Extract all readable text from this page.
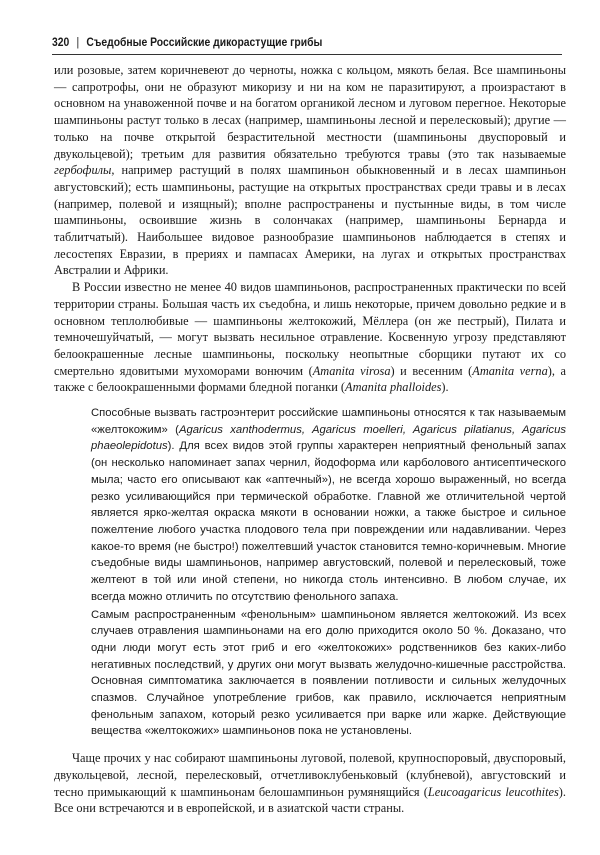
320 | Съедобные Российские дикорастущие грибы

или розовые, затем коричневеют до черноты, ножка с кольцом, мякоть белая. Все шампиньоны — сапротрофы, они не образуют микоризу и ни на ком не паразитируют, а произрастают в основном на унавоженной почве и на богатом органикой лесном и луговом перегное. Некоторые шампиньоны растут только в лесах (например, шампиньоны лесной и перелесковый); другие — только на почве открытой безрастительной местности (шампиньоны двуспоровый и двукольцевой); третьим для развития обязательно требуются травы (это так называемые гербофилы, например растущий в полях шампиньон обыкновенный и в лесах шампиньон августовский); есть шампиньоны, растущие на открытых пространствах среди травы и в лесах (например, полевой и изящный); вполне распространены и пустынные виды, в том числе шампиньоны, освоившие жизнь в солончаках (например, шампиньоны Бернарда и таблитчатый). Наибольшее видовое разнообразие шампиньонов наблюдается в степях и лесостепях Евразии, в прериях и пампасах Америки, на лугах и открытых пространствах Австралии и Африки.

В России известно не менее 40 видов шампиньонов, распространенных практически по всей территории страны. Большая часть их съедобна, и лишь некоторые, причем довольно редкие и в основном теплолюбивые — шампиньоны желтокожий, Мёллера (он же пестрый), Пилата и темночешуйчатый, — могут вызвать несильное отравление. Косвенную угрозу представляют белоокрашенные лесные шампиньоны, поскольку неопытные сборщики путают их со смертельно ядовитыми мухоморами вонючим (Amanita virosa) и весенним (Amanita verna), а также с белоокрашенными формами бледной поганки (Amanita phalloides).

Способные вызвать гастроэнтерит российские шампиньоны относятся к так называемым «желтокожим» (Agaricus xanthodermus, Agaricus moelleri, Agaricus pilatianus, Agaricus phaeolepidotus). Для всех видов этой группы характерен неприятный фенольный запах (он несколько напоминает запах чернил, йодоформа или карболового антисептического мыла; часто его описывают как «аптечный»), не всегда хорошо выраженный, но всегда резко усиливающийся при термической обработке. Главной же отличительной чертой является ярко-желтая окраска мякоти в основании ножки, а также быстрое и сильное пожелтение любого участка плодового тела при повреждении или надавливании. Через какое-то время (не быстро!) пожелтевший участок становится темно-коричневым. Многие съедобные виды шампиньонов, например августовский, полевой и перелесковый, тоже желтеют в той или иной степени, но никогда столь интенсивно. В любом случае, их всегда можно отличить по отсутствию фенольного запаха.

Самым распространенным «фенольным» шампиньоном является желтокожий. Из всех случаев отравления шампиньонами на его долю приходится около 50 %. Доказано, что одни люди могут есть этот гриб и его «желтокожих» родственников без каких-либо негативных последствий, у других они могут вызвать желудочно-кишечные расстройства. Основная симптоматика заключается в появлении потливости и сильных желудочных спазмов. Случайное употребление грибов, как правило, исключается неприятным фенольным запахом, который резко усиливается при варке или жарке. Действующие вещества «желтокожих» шампиньонов пока не установлены.

Чаще прочих у нас собирают шампиньоны луговой, полевой, крупноспоровый, двуспоровый, двукольцевой, лесной, перелесковый, отчетливоклубеньковый (клубневой), августовский и тесно примыкающий к шампиньонам белошампиньон румянящийся (Leucoagaricus leucothites). Все они встречаются и в европейской, и в азиатской части страны.
